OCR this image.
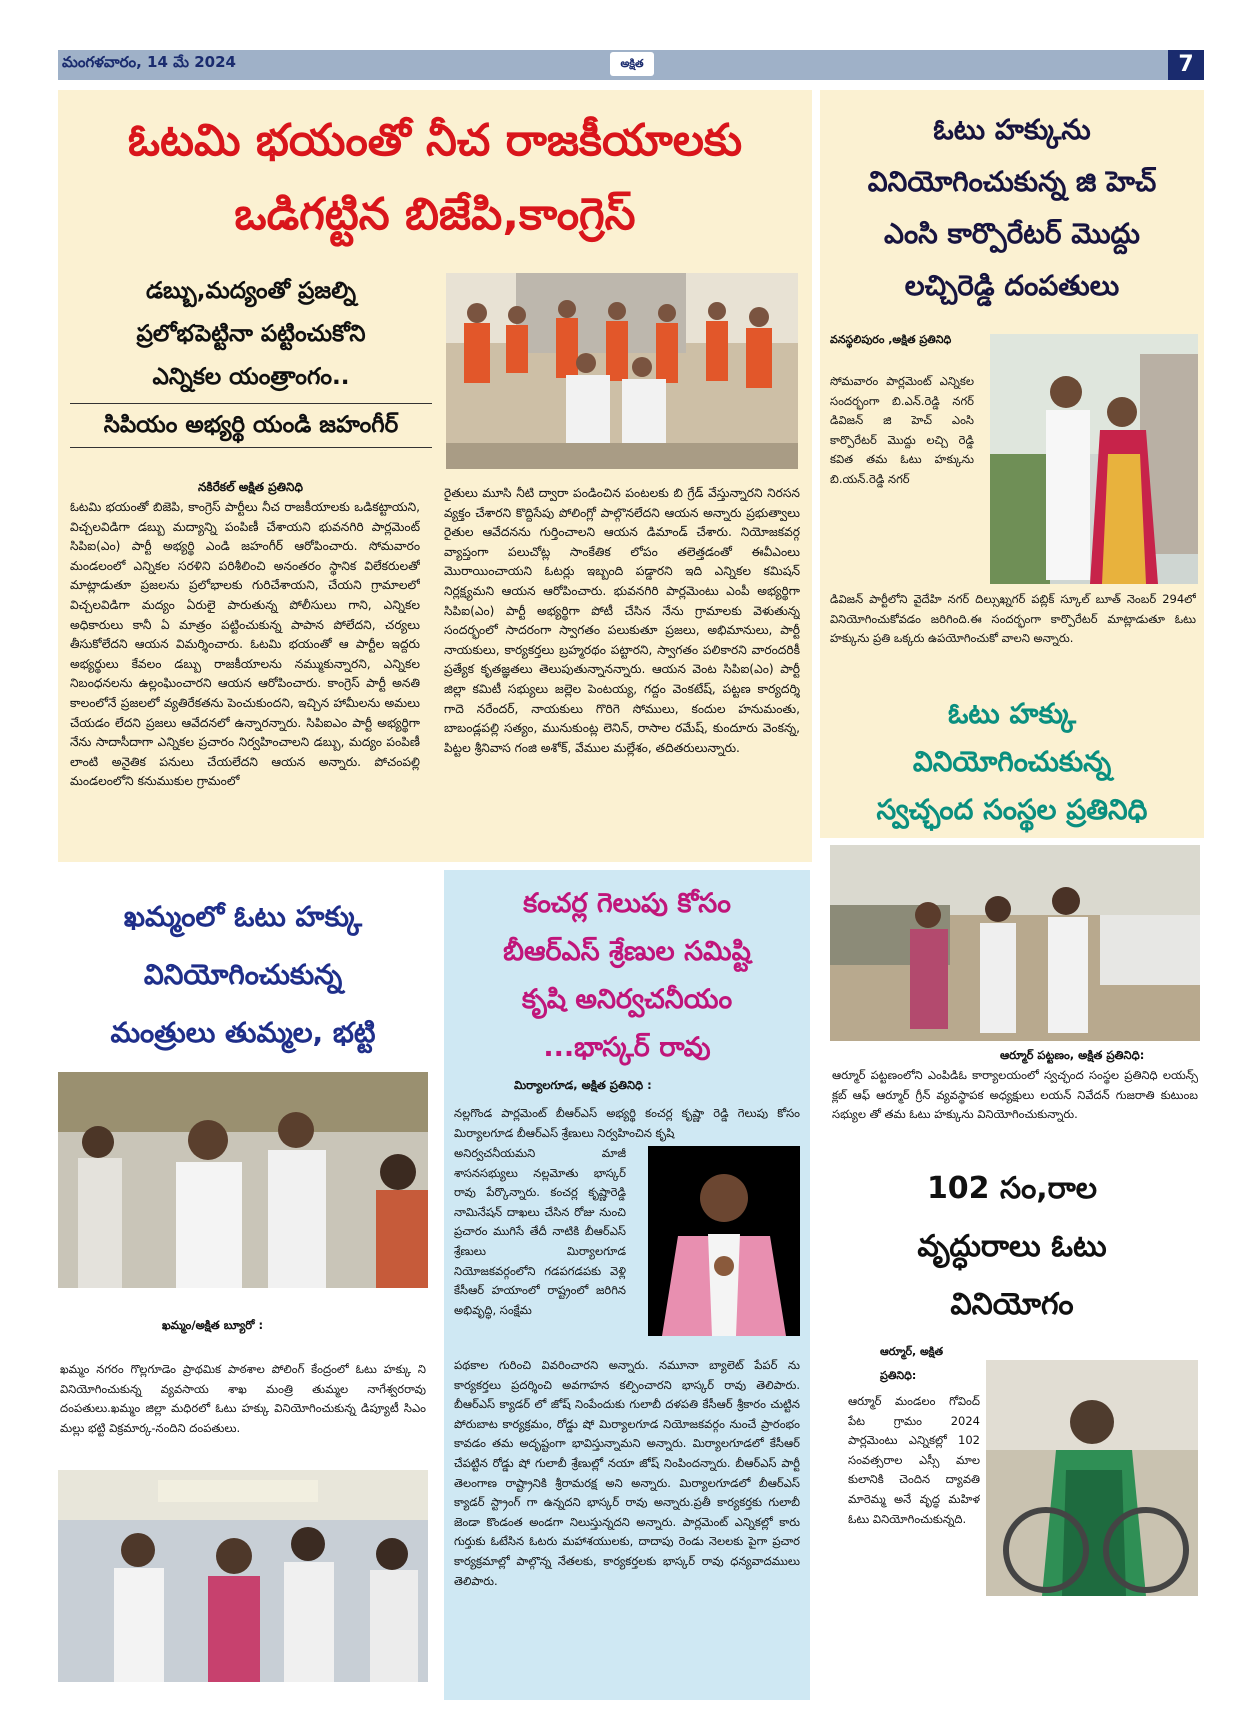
మంగళవారం, 14 మే 2024	అక్షిత	7
ఓటమి భయంతో నీచ రాజకీయాలకు
ఒడిగట్టిన బిజేపి,కాంగ్రెస్
డబ్బు,మద్యంతో ప్రజల్ని
ప్రలోభపెట్టినా పట్టించుకోని
ఎన్నికల యంత్రాంగం..
సిపియం అభ్యర్థి యండి జహంగీర్
నకిరేకల్ అక్షిత ప్రతినిధి
ఓటమి భయంతో బిజెపి, కాంగ్రెస్ పార్టీలు నీచ రాజకీయాలకు ఒడికట్టాయని, విచ్చలవిడిగా డబ్బు మద్యాన్ని పంపిణీ చేశాయని భువనగిరి పార్లమెంట్ సిపిఐ(ఎం) పార్టీ అభ్యర్థి ఎండి జహంగీర్ ఆరోపించారు. సోమవారం మండలంలో ఎన్నికల సరళిని పరిశీలించి అనంతరం స్థానిక విలేకరులతో మాట్లాడుతూ ప్రజలను ప్రలోభాలకు గురిచేశాయని, చేయని గ్రామాలలో విచ్చలవిడిగా మద్యం ఏరులై పారుతున్న పోలీసులు గాని, ఎన్నికల అధికారులు కానీ ఏ మాత్రం పట్టించుకున్న పాపాన పోలేదని, చర్యలు తీసుకోలేదని ఆయన విమర్శించారు. ఓటమి భయంతో ఆ పార్టీల ఇద్దరు అభ్యర్థులు కేవలం డబ్బు రాజకీయాలను నమ్ముకున్నారని, ఎన్నికల నిబంధనలను ఉల్లంఘించారని ఆయన ఆరోపించారు. కాంగ్రెస్ పార్టీ అనతి కాలంలోనే ప్రజలలో వ్యతిరేకతను పెంచుకుందని, ఇచ్చిన హామీలను అమలు చేయడం లేదని ప్రజలు ఆవేదనలో ఉన్నారన్నారు. సిపిఐఎం పార్టీ అభ్యర్థిగా నేను సాదాసీదాగా ఎన్నికల ప్రచారం నిర్వహించాలని డబ్బు, మద్యం పంపిణీ లాంటి అనైతిక పనులు చేయలేదని ఆయన అన్నారు. పోచంపల్లి మండలంలోని కనుముకుల గ్రామంలో
రైతులు మూసి నీటి ద్వారా పండించిన పంటలకు బి గ్రేడ్ వేస్తున్నారని నిరసన వ్యక్తం చేశారని కొద్దిసేపు పోలింగ్లో పాల్గొనలేదని ఆయన అన్నారు ప్రభుత్వాలు రైతుల ఆవేదనను గుర్తించాలని ఆయన డిమాండ్ చేశారు. నియోజకవర్గ వ్యాప్తంగా పలుచోట్ల సాంకేతిక లోపం తలెత్తడంతో ఈవీఎంలు మొరాయించాయని ఓటర్లు ఇబ్బంది పడ్డారని ఇది ఎన్నికల కమిషన్ నిర్లక్ష్యమని ఆయన ఆరోపించారు. భువనగిరి పార్లమెంటు ఎంపీ అభ్యర్థిగా సిపిఐ(ఎం) పార్టీ అభ్యర్థిగా పోటీ చేసిన నేను గ్రామాలకు వెళుతున్న సందర్భంలో సాదరంగా స్వాగతం పలుకుతూ ప్రజలు, అభిమానులు, పార్టీ నాయకులు, కార్యకర్తలు బ్రహ్మరథం పట్టారని, స్వాగతం పలికారని వారందరికీ ప్రత్యేక కృతజ్ఞతలు తెలుపుతున్నానన్నారు. ఆయన వెంట సిపిఐ(ఎం) పార్టీ జిల్లా కమిటీ సభ్యులు జల్లెల పెంటయ్య, గద్దం వెంకటేష్, పట్టణ కార్యదర్శి గాదె నరేందర్, నాయకులు గొరిగె సోములు, కందుల హనుమంతు, బాబండ్లపల్లి సత్యం, మునుకుంట్ల లెనిన్, రాసాల రమేష్, కుందూరు వెంకన్న, పిట్టల శ్రీనివాస గంజి అశోక్, వేముల మల్లేశం, తదితరులున్నారు.
ఓటు హక్కును
వినియోగించుకున్న జి హెచ్
ఎంసి కార్పొరేటర్ మొద్దు
లచ్చిరెడ్డి దంపతులు
వనస్థలిపురం ,అక్షిత ప్రతినిధి
సోమవారం పార్లమెంట్ ఎన్నికల సందర్భంగా బి.ఎన్.రెడ్డి నగర్ డివిజన్ జి హెచ్ ఎంసి కార్పొరేటర్ మొద్దు లచ్చి రెడ్డి కవిత తమ ఓటు హక్కును బి.యన్.రెడ్డి నగర్
డివిజన్ పార్టీలోని వైదేహి నగర్ దిల్సుఖ్నగర్ పబ్లిక్ స్కూల్ బూత్ నెంబర్ 294లో వినియోగించుకోవడం జరిగింది.ఈ సందర్భంగా కార్పొరేటర్ మాట్లాడుతూ ఓటు హక్కును ప్రతి ఒక్కరు ఉపయోగించుకో వాలని అన్నారు.
ఓటు హక్కు
వినియోగించుకున్న
స్వచ్ఛంద సంస్థల ప్రతినిధి
ఆర్మూర్ పట్టణం, అక్షిత ప్రతినిధి:
ఆర్మూర్ పట్టణంలోని ఎంపిడిఓ కార్యాలయంలో స్వచ్ఛంద సంస్థల ప్రతినిధి లయన్స్ క్లబ్ ఆఫ్ ఆర్మూర్ గ్రీన్ వ్యవస్థాపక అధ్యక్షులు లయన్ నివేదన్ గుజరాతి కుటుంబ సభ్యుల తో తమ ఓటు హక్కును వినియోగించుకున్నారు.
102 సం,రాల
వృద్ధురాలు ఓటు
వినియోగం
ఆర్మూర్, అక్షిత ప్రతినిధి:
ఆర్మూర్ మండలం గోవింద్ పేట గ్రామం 2024 పార్లమెంటు ఎన్నికల్లో 102 సంవత్సరాల ఎస్సీ మాల కులానికి చెందిన ద్యావతి మారెమ్మ అనే వృద్ధ మహిళ ఓటు వినియోగించుకున్నది.
ఖమ్మంలో ఓటు హక్కు
వినియోగించుకున్న
మంత్రులు తుమ్మల, భట్టి
ఖమ్మం/అక్షిత బ్యూరో :
ఖమ్మం నగరం గొల్లగూడెం ప్రాథమిక పాఠశాల పోలింగ్ కేంద్రంలో ఓటు హక్కు ని వినియోగించుకున్న వ్యవసాయ శాఖ మంత్రి తుమ్మల నాగేశ్వరరావు దంపతులు.ఖమ్మం జిల్లా మధిరలో ఓటు హక్కు వినియోగించుకున్న డిప్యూటీ సిఎం మల్లు భట్టి విక్రమార్క-నందిని దంపతులు.
కంచర్ల గెలుపు కోసం
బీఆర్ఎస్ శ్రేణుల సమిష్టి
కృషి అనిర్వచనీయం
...భాస్కర్ రావు
మిర్యాలగూడ, అక్షిత ప్రతినిధి :
నల్లగొండ పార్లమెంట్ బీఆర్ఎస్ అభ్యర్థి కంచర్ల కృష్ణా రెడ్డి గెలుపు కోసం మిర్యాలగూడ బీఆర్ఎస్ శ్రేణులు నిర్వహించిన కృషి
అనిర్వచనీయమని మాజీ శాసనసభ్యులు నల్లమోతు భాస్కర్ రావు పేర్కొన్నారు. కంచర్ల కృష్ణారెడ్డి నామినేషన్ దాఖలు చేసిన రోజు నుంచి ప్రచారం ముగిసే తేదీ నాటికి బీఆర్ఎస్ శ్రేణులు మిర్యాలగూడ నియోజకవర్గంలోని గడపగడపకు వెళ్లి కేసీఆర్ హయాంలో రాష్ట్రంలో జరిగిన అభివృద్ధి, సంక్షేమ
పథకాల గురించి వివరించారని అన్నారు. నమూనా బ్యాలెట్ పేపర్ ను కార్యకర్తలు ప్రదర్శించి అవగాహన కల్పించారని భాస్కర్ రావు తెలిపారు. బీఆర్ఎస్ క్యాడర్ లో జోష్ నింపేందుకు గులాబీ దళపతి కేసీఆర్ శ్రీకారం చుట్టిన పోరుబాట కార్యక్రమం, రోడ్డు షో మిర్యాలగూడ నియోజకవర్గం నుంచే ప్రారంభం కావడం తమ అదృష్టంగా భావిస్తున్నామని అన్నారు. మిర్యాలగూడలో కేసీఆర్ చేపట్టిన రోడ్డు షో గులాబీ శ్రేణుల్లో నయా జోష్ నింపిందన్నారు. బీఆర్ఎస్ పార్టీ తెలంగాణ రాష్ట్రానికి శ్రీరామరక్ష అని అన్నారు. మిర్యాలగూడలో బీఆర్ఎస్ క్యాడర్ స్ట్రాంగ్ గా ఉన్నదని భాస్కర్ రావు అన్నారు.ప్రతీ కార్యకర్తకు గులాబీ జెండా కొండంత అండగా నిలుస్తున్నదని అన్నారు. పార్లమెంట్ ఎన్నికల్లో కారు గుర్తుకు ఓటేసిన ఓటరు మహాశయులకు, దాదాపు రెండు నెలలకు పైగా ప్రచార కార్యక్రమాల్లో పాల్గొన్న నేతలకు, కార్యకర్తలకు భాస్కర్ రావు ధన్యవాదములు తెలిపారు.
